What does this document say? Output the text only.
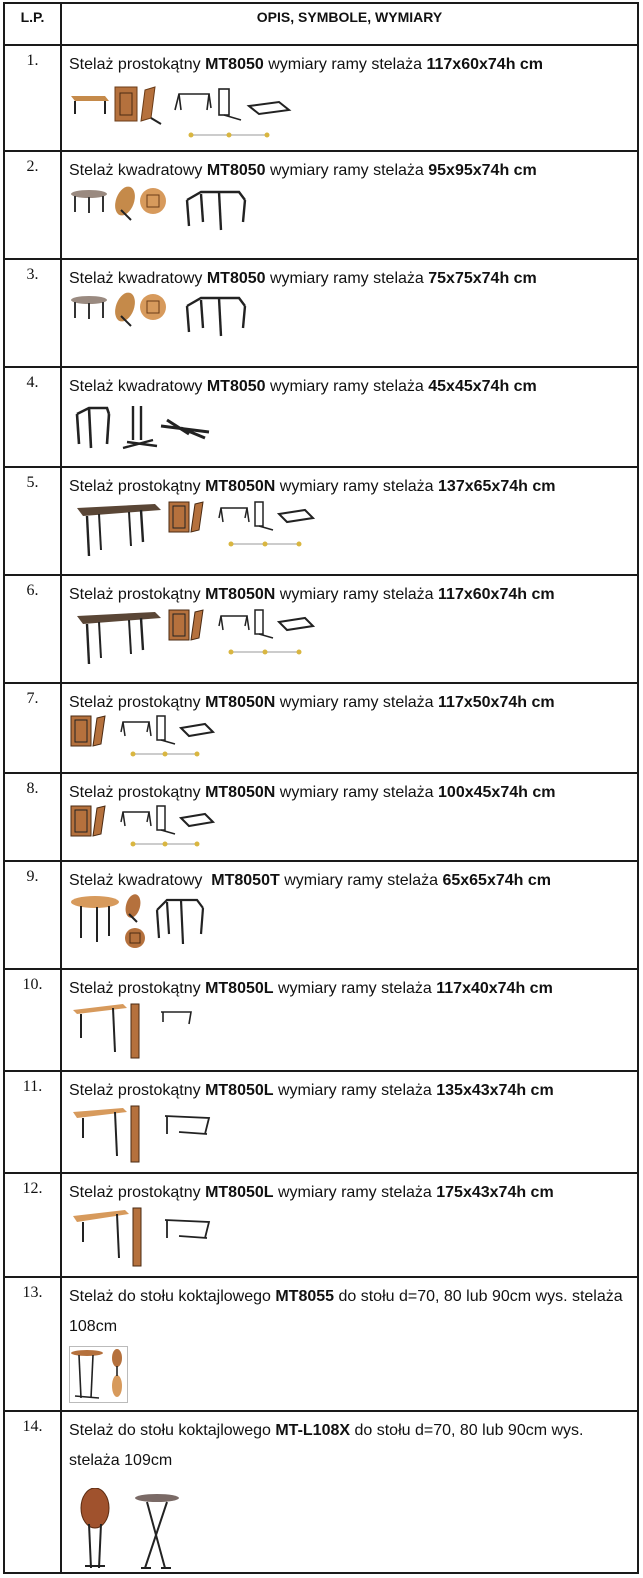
L.P.	OPIS, SYMBOLE, WYMIARY
1.	Stelaż prostokątny MT8050 wymiary ramy stelaża 117x60x74h cm
2.	Stelaż kwadratowy MT8050 wymiary ramy stelaża 95x95x74h cm
3.	Stelaż kwadratowy MT8050 wymiary ramy stelaża 75x75x74h cm
4.	Stelaż kwadratowy MT8050 wymiary ramy stelaża 45x45x74h cm
5.	Stelaż prostokątny MT8050N wymiary ramy stelaża 137x65x74h cm
6.	Stelaż prostokątny MT8050N wymiary ramy stelaża 117x60x74h cm
7.	Stelaż prostokątny MT8050N wymiary ramy stelaża 117x50x74h cm
8.	Stelaż prostokątny MT8050N wymiary ramy stelaża 100x45x74h cm
9.	Stelaż kwadratowy  MT8050T wymiary ramy stelaża 65x65x74h cm
10.	Stelaż prostokątny MT8050L wymiary ramy stelaża 117x40x74h cm
11.	Stelaż prostokątny MT8050L wymiary ramy stelaża 135x43x74h cm
12.	Stelaż prostokątny MT8050L wymiary ramy stelaża 175x43x74h cm
13.	Stelaż do stołu koktajlowego MT8055 do stołu d=70, 80 lub 90cm wys. stelaża 108cm
14.	Stelaż do stołu koktajlowego MT-L108X do stołu d=70, 80 lub 90cm wys. stelaża 109cm
